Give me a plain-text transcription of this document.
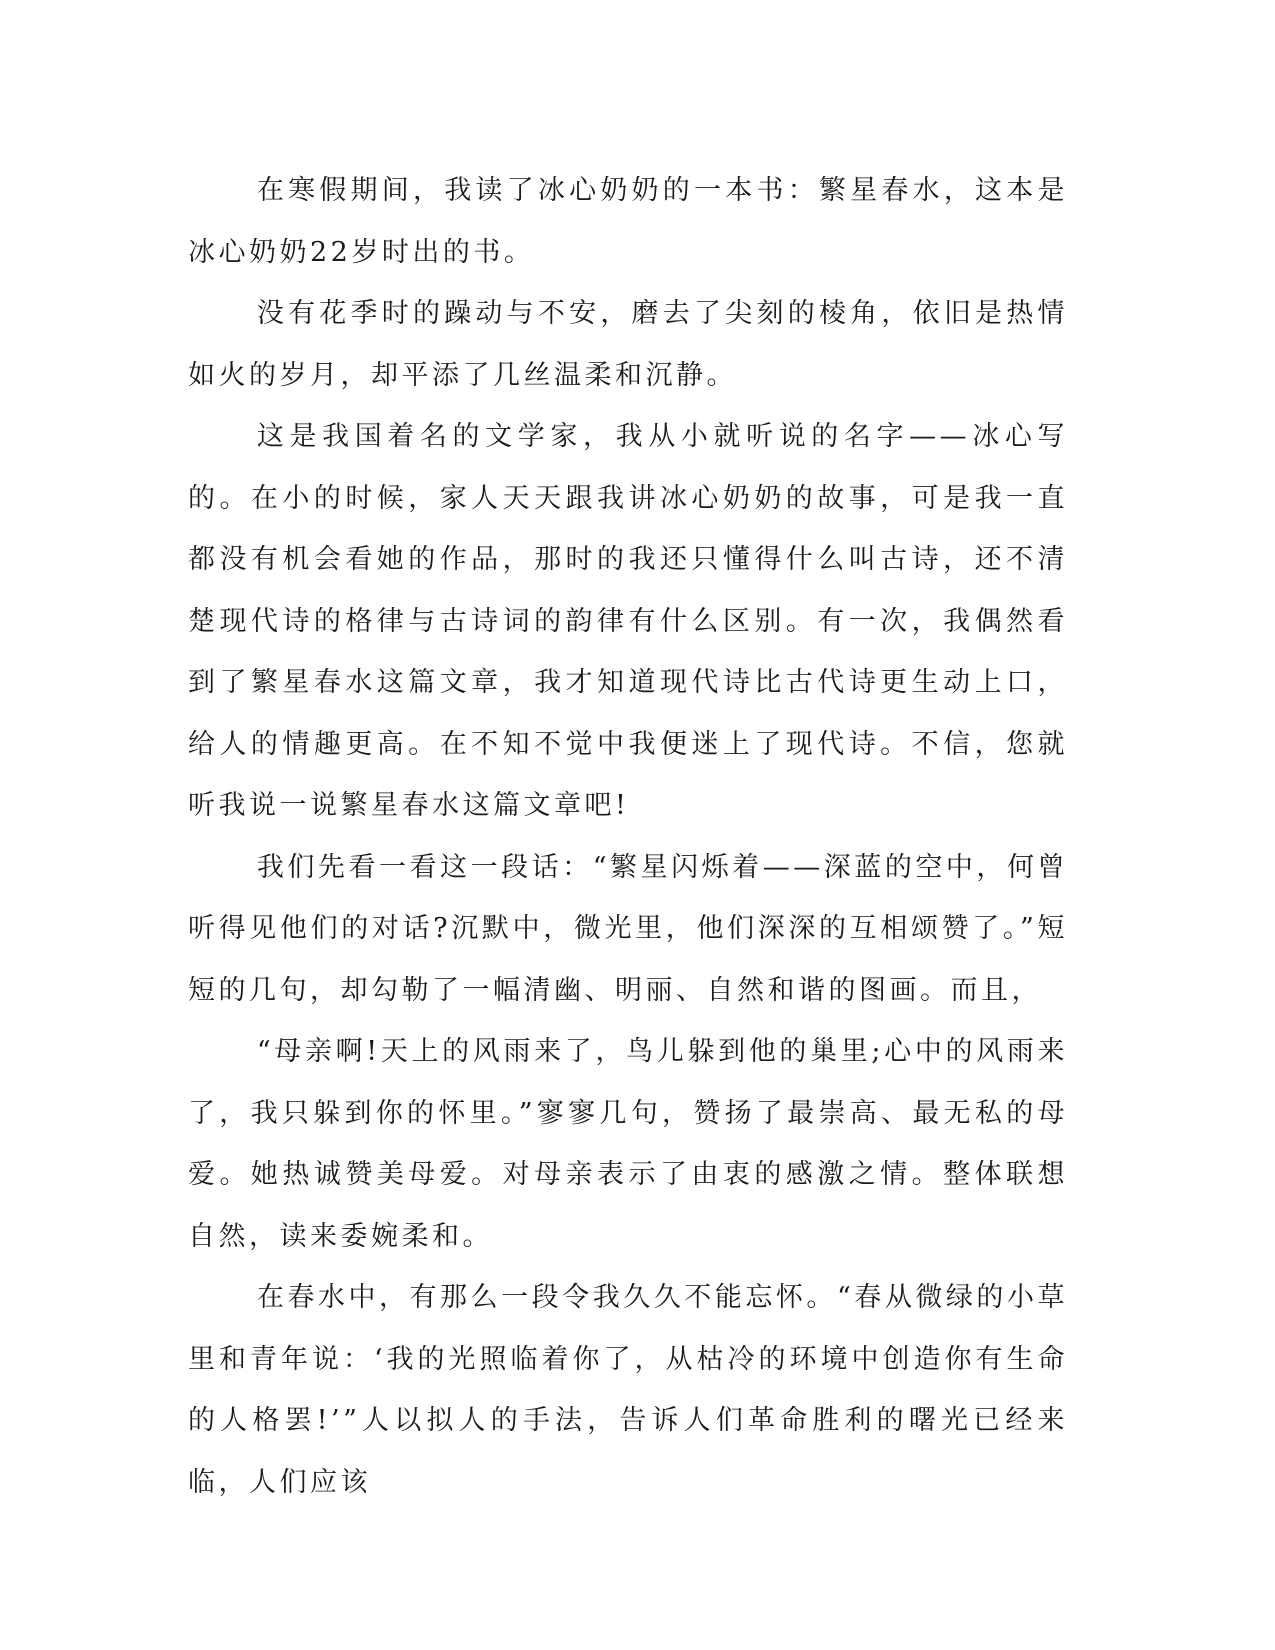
在寒假期间，我读了冰心奶奶的一本书：繁星春水，这本是冰心奶奶22岁时出的书。

没有花季时的躁动与不安，磨去了尖刻的棱角，依旧是热情如火的岁月，却平添了几丝温柔和沉静。

这是我国着名的文学家，我从小就听说的名字——冰心写的。在小的时候，家人天天跟我讲冰心奶奶的故事，可是我一直都没有机会看她的作品，那时的我还只懂得什么叫古诗，还不清楚现代诗的格律与古诗词的韵律有什么区别。有一次，我偶然看到了繁星春水这篇文章，我才知道现代诗比古代诗更生动上口，给人的情趣更高。在不知不觉中我便迷上了现代诗。不信，您就听我说一说繁星春水这篇文章吧!

我们先看一看这一段话：“繁星闪烁着——深蓝的空中，何曾听得见他们的对话?沉默中，微光里，他们深深的互相颂赞了。”短短的几句，却勾勒了一幅清幽、明丽、自然和谐的图画。而且，

“母亲啊!天上的风雨来了，鸟儿躲到他的巢里;心中的风雨来了，我只躲到你的怀里。”寥寥几句，赞扬了最崇高、最无私的母爱。她热诚赞美母爱。对母亲表示了由衷的感激之情。整体联想自然，读来委婉柔和。

在春水中，有那么一段令我久久不能忘怀。“春从微绿的小草里和青年说：‘我的光照临着你了，从枯冷的环境中创造你有生命的人格罢!’”人以拟人的手法，告诉人们革命胜利的曙光已经来临，人们应该
